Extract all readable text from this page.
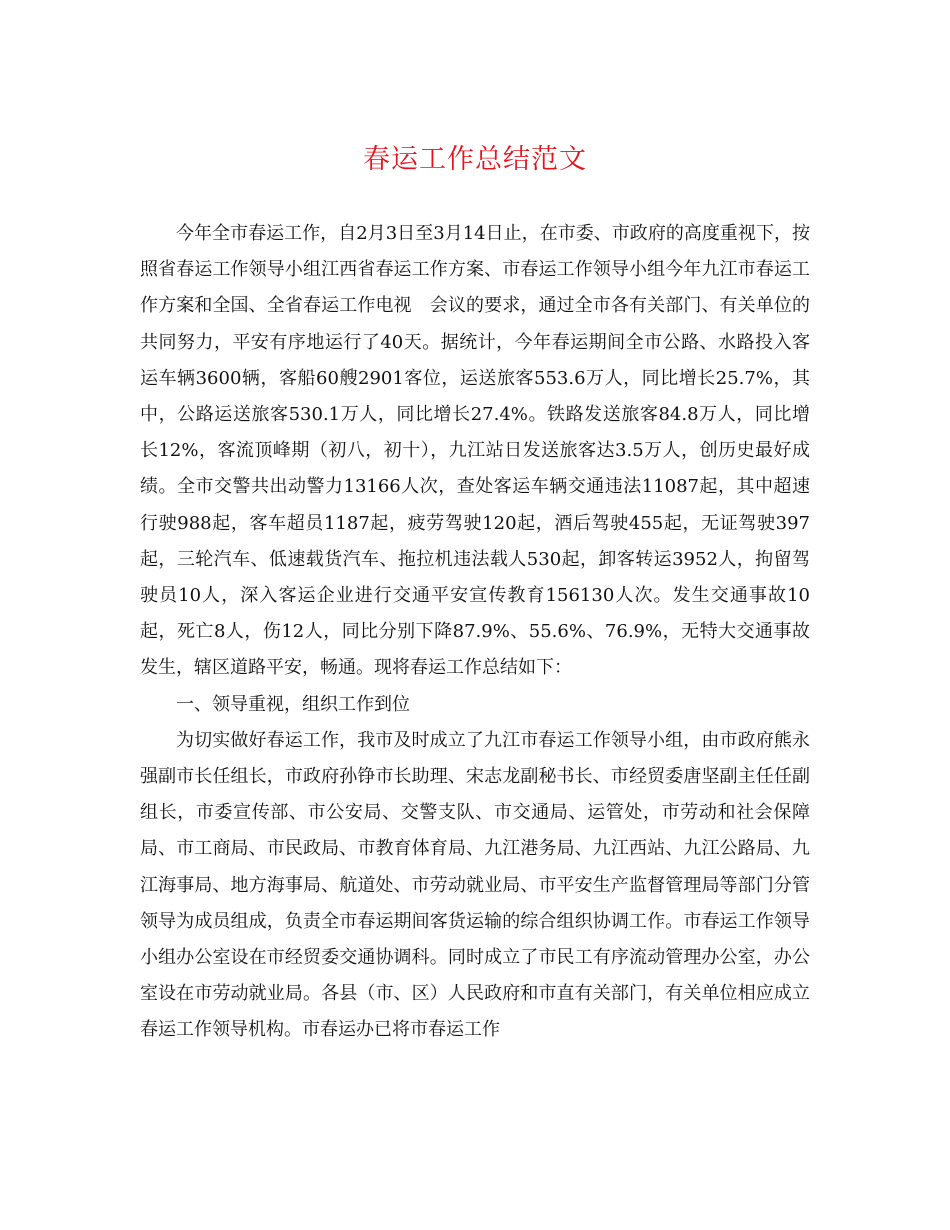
春运工作总结范文

今年全市春运工作，自2月3日至3月14日止，在市委、市政府的高度重视下，按照省春运工作领导小组江西省春运工作方案、市春运工作领导小组今年九江市春运工作方案和全国、全省春运工作电视　会议的要求，通过全市各有关部门、有关单位的共同努力，平安有序地运行了40天。据统计，今年春运期间全市公路、水路投入客运车辆3600辆，客船60艘2901客位，运送旅客553.6万人，同比增长25.7%，其中，公路运送旅客530.1万人，同比增长27.4%。铁路发送旅客84.8万人，同比增长12%，客流顶峰期（初八，初十），九江站日发送旅客达3.5万人，创历史最好成绩。全市交警共出动警力13166人次，查处客运车辆交通违法11087起，其中超速行驶988起，客车超员1187起，疲劳驾驶120起，酒后驾驶455起，无证驾驶397起，三轮汽车、低速载货汽车、拖拉机违法载人530起，卸客转运3952人，拘留驾驶员10人，深入客运企业进行交通平安宣传教育156130人次。发生交通事故10起，死亡8人，伤12人，同比分别下降87.9%、55.6%、76.9%，无特大交通事故发生，辖区道路平安，畅通。现将春运工作总结如下：

一、领导重视，组织工作到位

为切实做好春运工作，我市及时成立了九江市春运工作领导小组，由市政府熊永强副市长任组长，市政府孙铮市长助理、宋志龙副秘书长、市经贸委唐坚副主任任副组长，市委宣传部、市公安局、交警支队、市交通局、运管处，市劳动和社会保障局、市工商局、市民政局、市教育体育局、九江港务局、九江西站、九江公路局、九江海事局、地方海事局、航道处、市劳动就业局、市平安生产监督管理局等部门分管领导为成员组成，负责全市春运期间客货运输的综合组织协调工作。市春运工作领导小组办公室设在市经贸委交通协调科。同时成立了市民工有序流动管理办公室，办公室设在市劳动就业局。各县（市、区）人民政府和市直有关部门，有关单位相应成立春运工作领导机构。市春运办已将市春运工作
